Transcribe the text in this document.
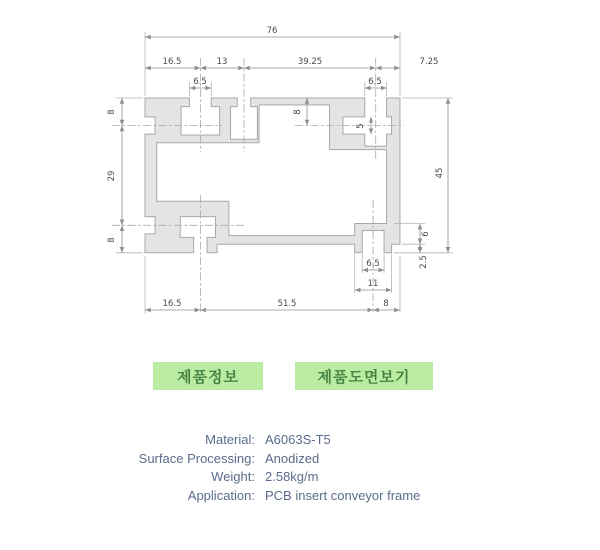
76
16.5	13	39.25	7.25
6.5	6.5
8
29
8
45
8
5
6
2.5
6.5
11
8
16.5	51.5
제품정보	제품도면보기
Material: A6063S-T5
Surface Processing: Anodized
Weight: 2.58kg/m
Application: PCB insert conveyor frame
